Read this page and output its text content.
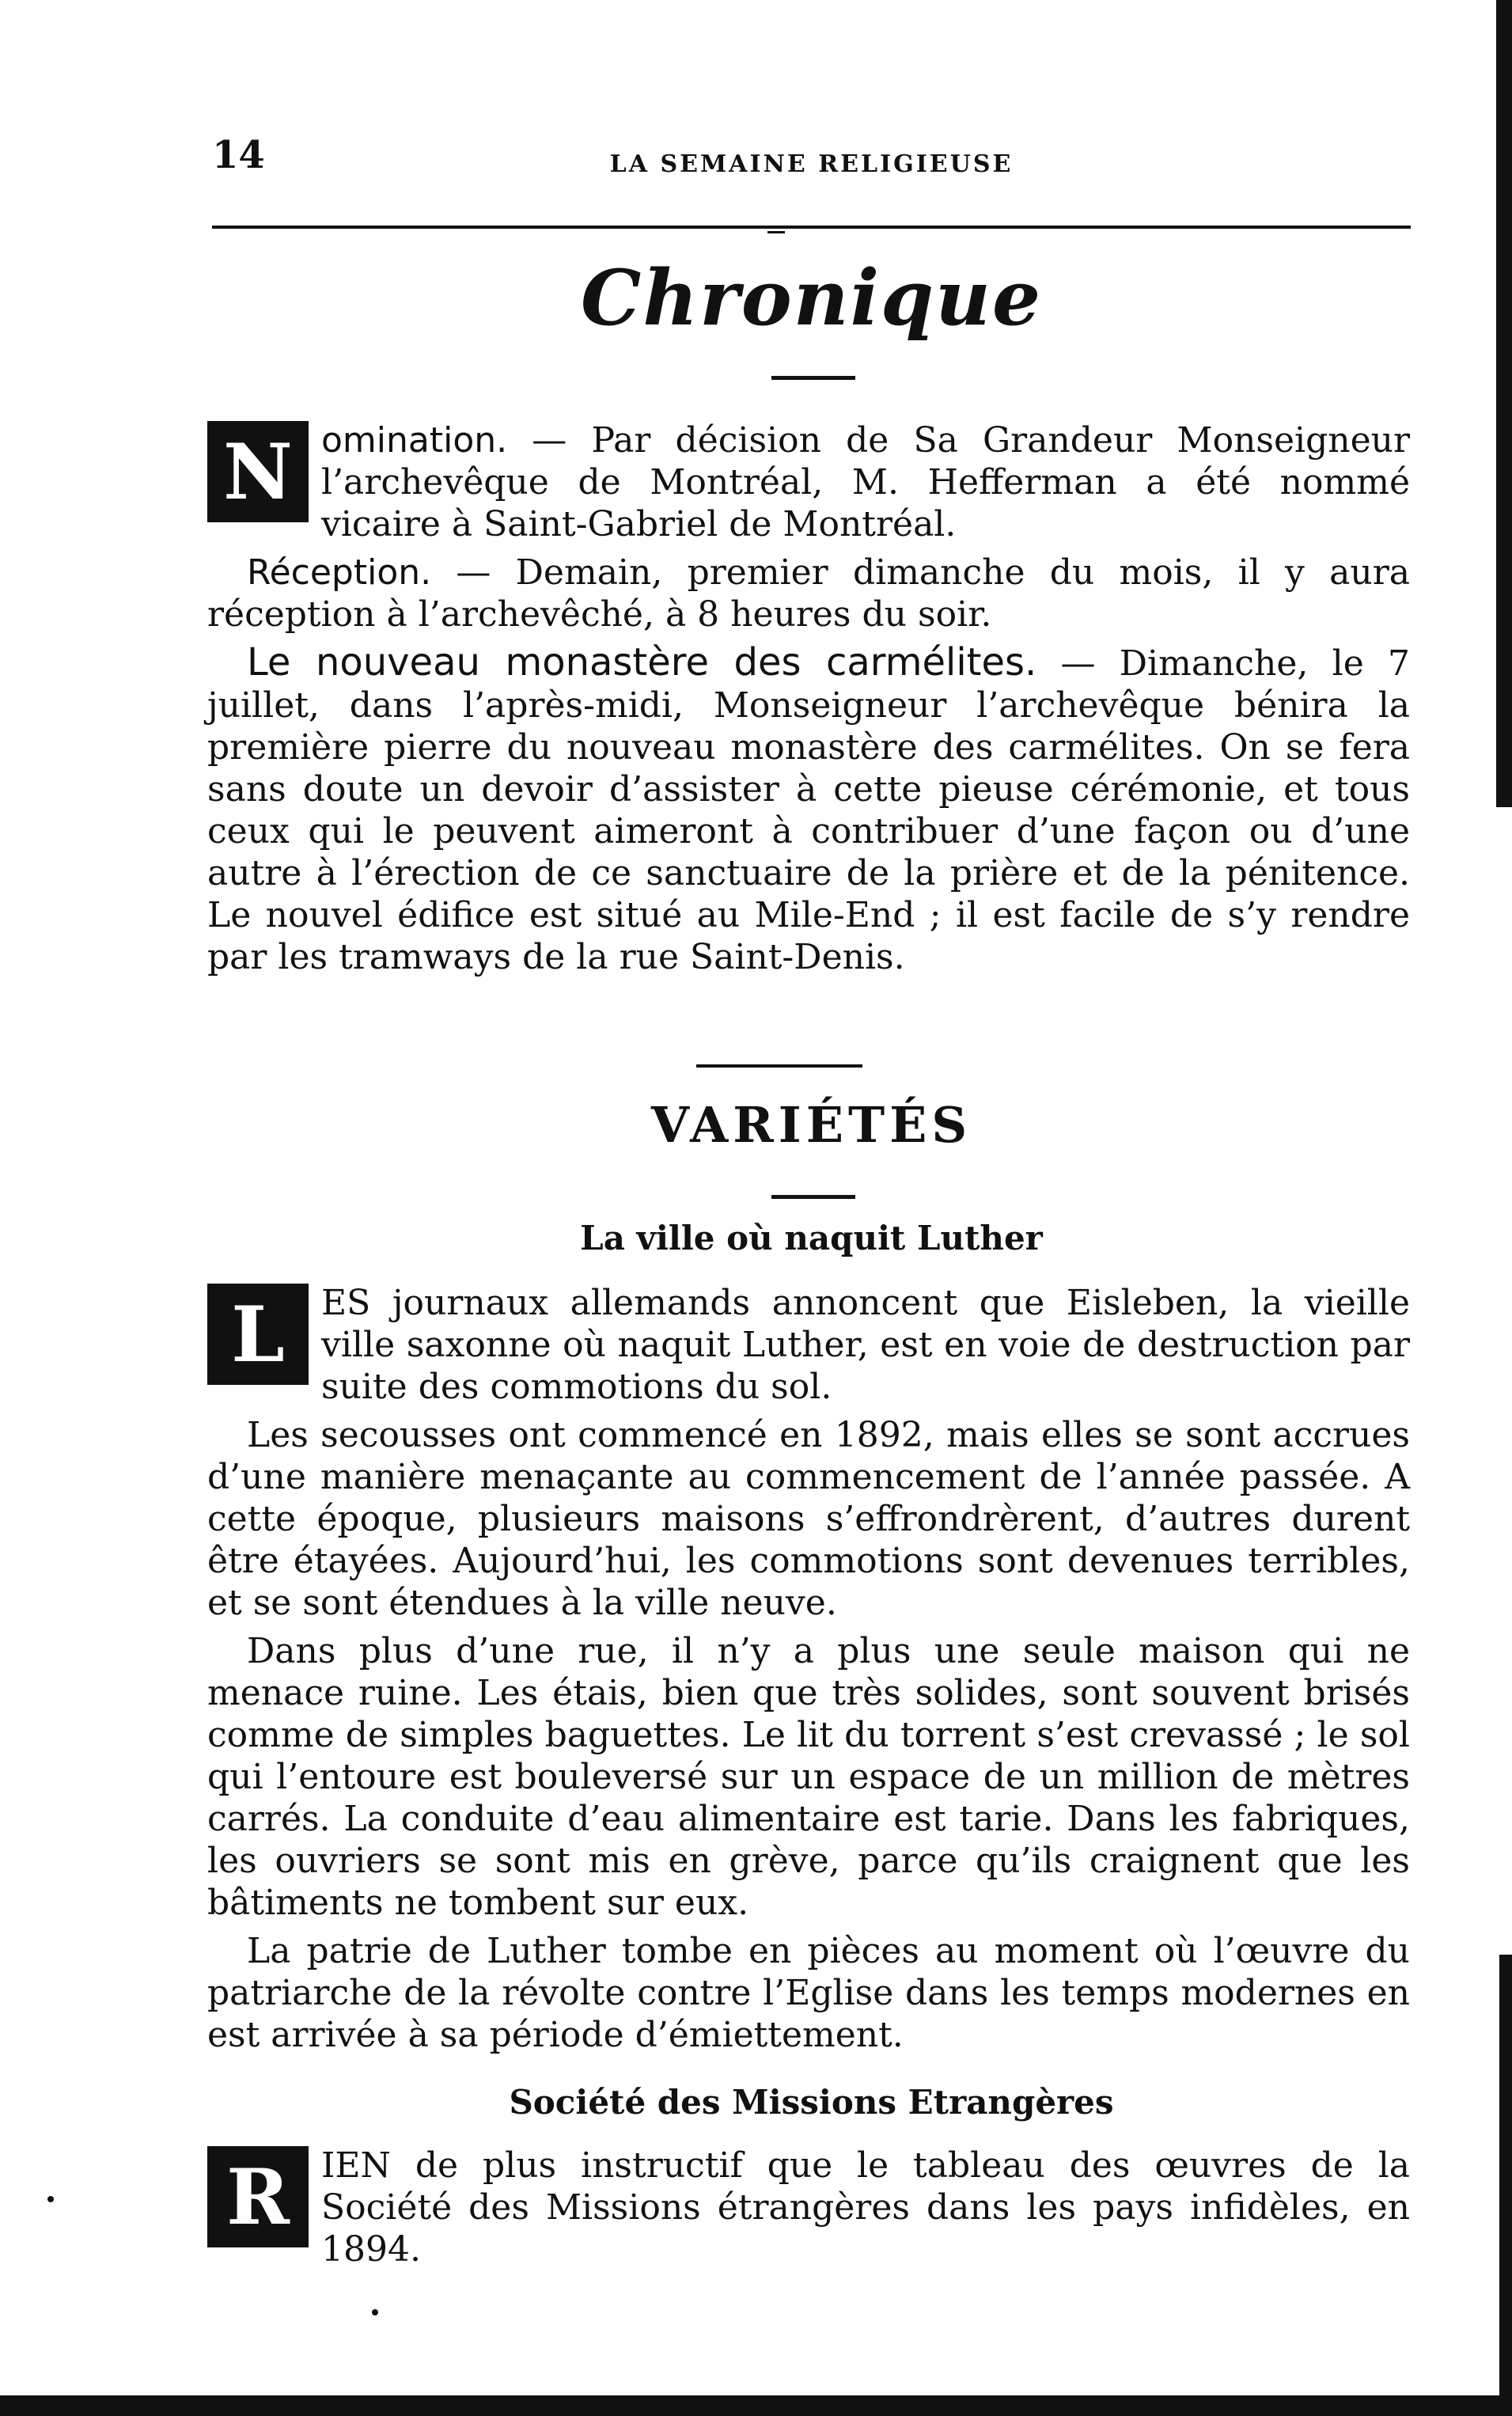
14	LA SEMAINE RELIGIEUSE
Chronique

N omination. — Par décision de Sa Grandeur Monseigneur l’archevêque de Montréal, M. Hefferman a été nommé vicaire à Saint-Gabriel de Montréal.

Réception. — Demain, premier dimanche du mois, il y aura réception à l’archevêché, à 8 heures du soir.

Le nouveau monastère des carmélites. — Dimanche, le 7 juillet, dans l’après-midi, Monseigneur l’archevêque bénira la première pierre du nouveau monastère des carmélites. On se fera sans doute un devoir d’assister à cette pieuse cérémonie, et tous ceux qui le peuvent aimeront à contribuer d’une façon ou d’une autre à l’érection de ce sanctuaire de la prière et de la pénitence. Le nouvel édifice est situé au Mile-End ; il est facile de s’y rendre par les tramways de la rue Saint-Denis.

VARIÉTÉS
La ville où naquit Luther

L	ES journaux allemands annoncent que Eisleben, la vieille ville saxonne où naquit Luther, est en voie de destruction par suite des commotions du sol.

Les secousses ont commencé en 1892, mais elles se sont accrues d’une manière menaçante au commencement de l’année passée. A cette époque, plusieurs maisons s’effrondrèrent, d’autres durent être étayées. Aujourd’hui, les commotions sont devenues terribles, et se sont étendues à la ville neuve.

Dans plus d’une rue, il n’y a plus une seule maison qui ne menace ruine. Les étais, bien que très solides, sont souvent brisés comme de simples baguettes. Le lit du torrent s’est crevassé ; le sol qui l’entoure est bouleversé sur un espace de un million de mètres carrés. La conduite d’eau alimentaire est tarie. Dans les fabriques, les ouvriers se sont mis en grève, parce qu’ils craignent que les bâtiments ne tombent sur eux.

La patrie de Luther tombe en pièces au moment où l’œuvre du patriarche de la révolte contre l’Eglise dans les temps modernes en est arrivée à sa période d’émiettement.

Société des Missions Etrangères

R IEN de plus instructif que le tableau des œuvres de la Société des Missions étrangères dans les pays infidèles, en 1894.
